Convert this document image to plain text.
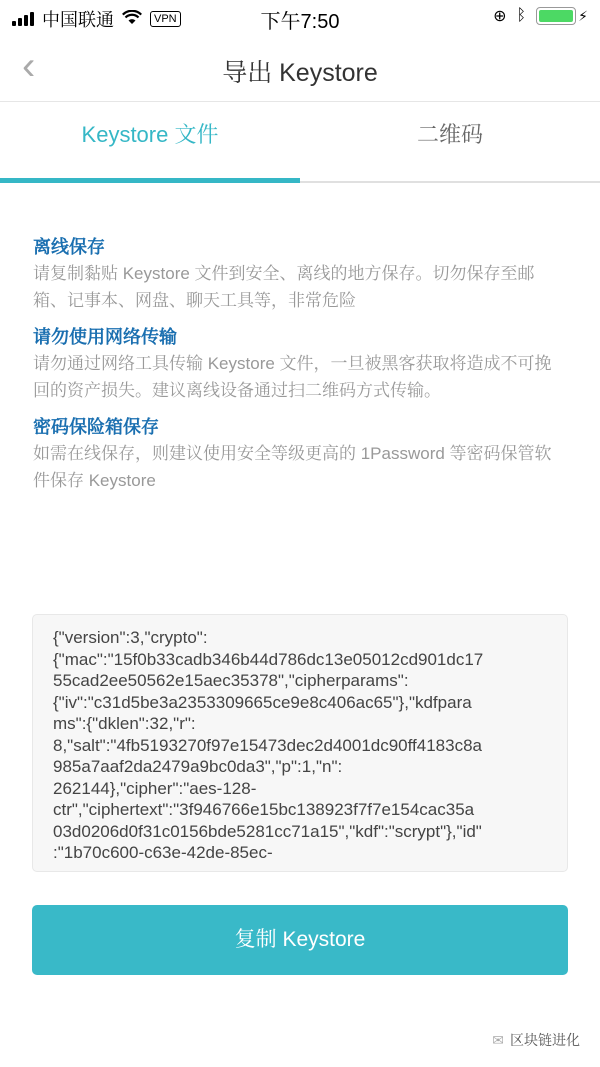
中国联通	VPN	下午7:50	⊕ ᛒ	⚡
‹	导出 Keystore
Keystore 文件	二维码
离线保存

请复制黏贴 Keystore 文件到安全、离线的地方保存。切勿保存至邮箱、记事本、网盘、聊天工具等，非常危险

请勿使用网络传输

请勿通过网络工具传输 Keystore 文件，一旦被黑客获取将造成不可挽回的资产损失。建议离线设备通过扫二维码方式传输。

密码保险箱保存

如需在线保存，则建议使用安全等级更高的 1Password 等密码保管软件保存 Keystore

{"version":3,"crypto":
{"mac":"15f0b33cadb346b44d786dc13e05012cd901dc17
55cad2ee50562e15aec35378","cipherparams":
{"iv":"c31d5be3a2353309665ce9e8c406ac65"},"kdfpara
ms":{"dklen":32,"r":
8,"salt":"4fb5193270f97e15473dec2d4001dc90ff4183c8a
985a7aaf2da2479a9bc0da3","p":1,"n":
262144},"cipher":"aes-128-
ctr","ciphertext":"3f946766e15bc138923f7f7e154cac35a
03d0206d0f31c0156bde5281cc71a15","kdf":"scrypt"},"id"
:"1b70c600-c63e-42de-85ec-
复制 Keystore
✉ 区块链进化
